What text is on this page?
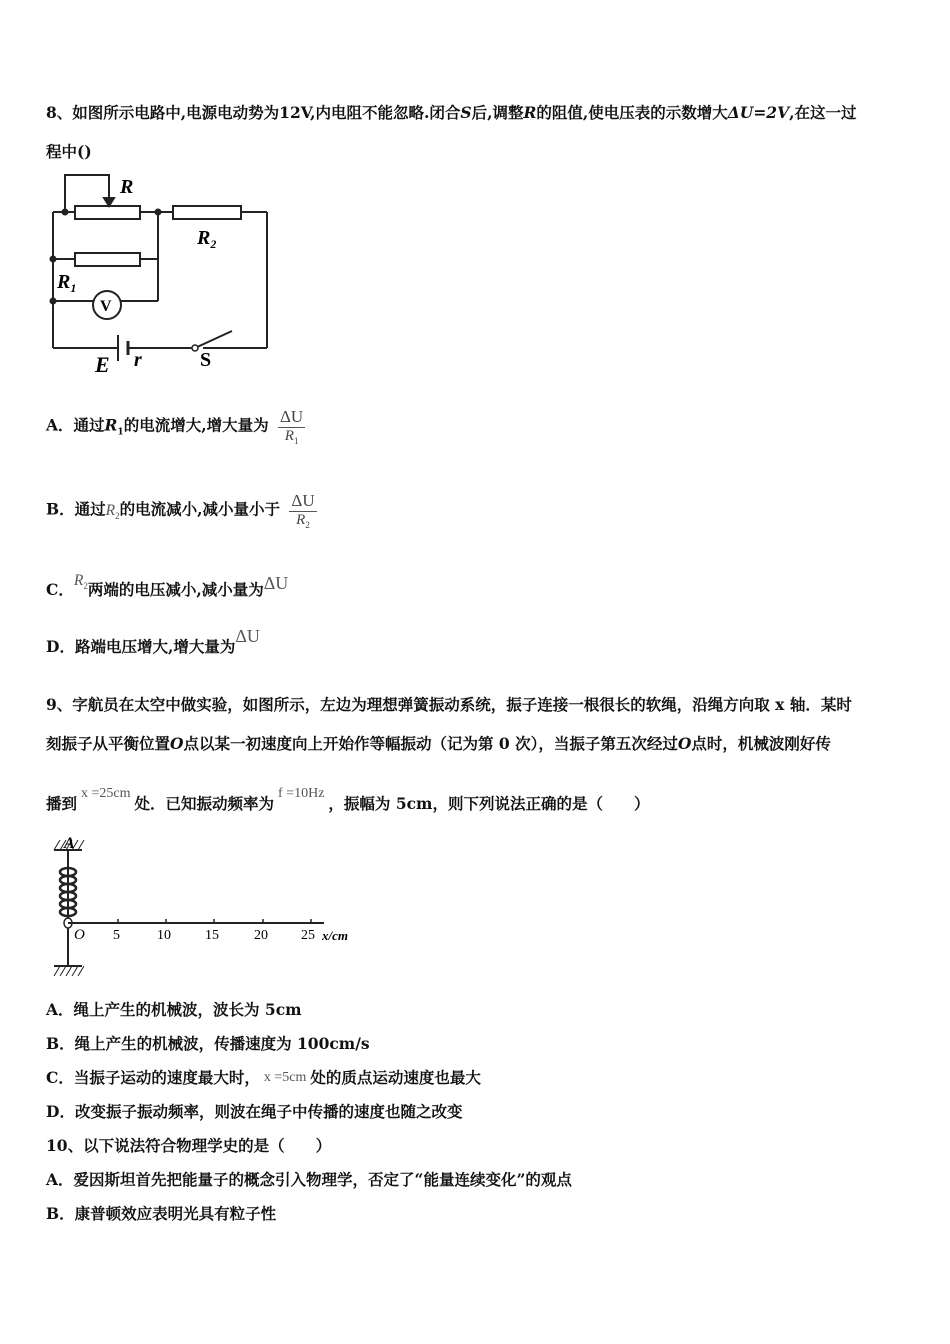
8、如图所示电路中,电源电动势为12V,内电阻不能忽略.闭合S后,调整R的阻值,使电压表的示数增大ΔU=2V,在这一过
程中()
R
$R_2$
$R_1$
V
E r	S
A．通过$R_1$的电流增大,增大量为 $\frac{\Delta U}{R_1}$
B．通过$R_2$的电流减小,减小量小于 $\frac{\Delta U}{R_2}$
C．$R_2$两端的电压减小,减小量为ΔU
D．路端电压增大,增大量为ΔU
9、字航员在太空中做实验，如图所示，左边为理想弹簧振动系统，振子连接一根很长的软绳，沿绳方向取 x 轴．某时
刻振子从平衡位置O点以某一初速度向上开始作等幅振动（记为第 0 次），当振子第五次经过O点时，机械波刚好传
播到x =25cm处．已知振动频率为f =10Hz，振幅为 5cm，则下列说法正确的是（　　）
A
O 5	10 15	20 25 x/cm
A．绳上产生的机械波，波长为 5cm
B．绳上产生的机械波，传播速度为 100cm/s
C．当振子运动的速度最大时， x =5cm 处的质点运动速度也最大
D．改变振子振动频率，则波在绳子中传播的速度也随之改变
10、以下说法符合物理学史的是（　　）
A．爱因斯坦首先把能量子的概念引入物理学，否定了“能量连续变化”的观点
B．康普顿效应表明光具有粒子性
